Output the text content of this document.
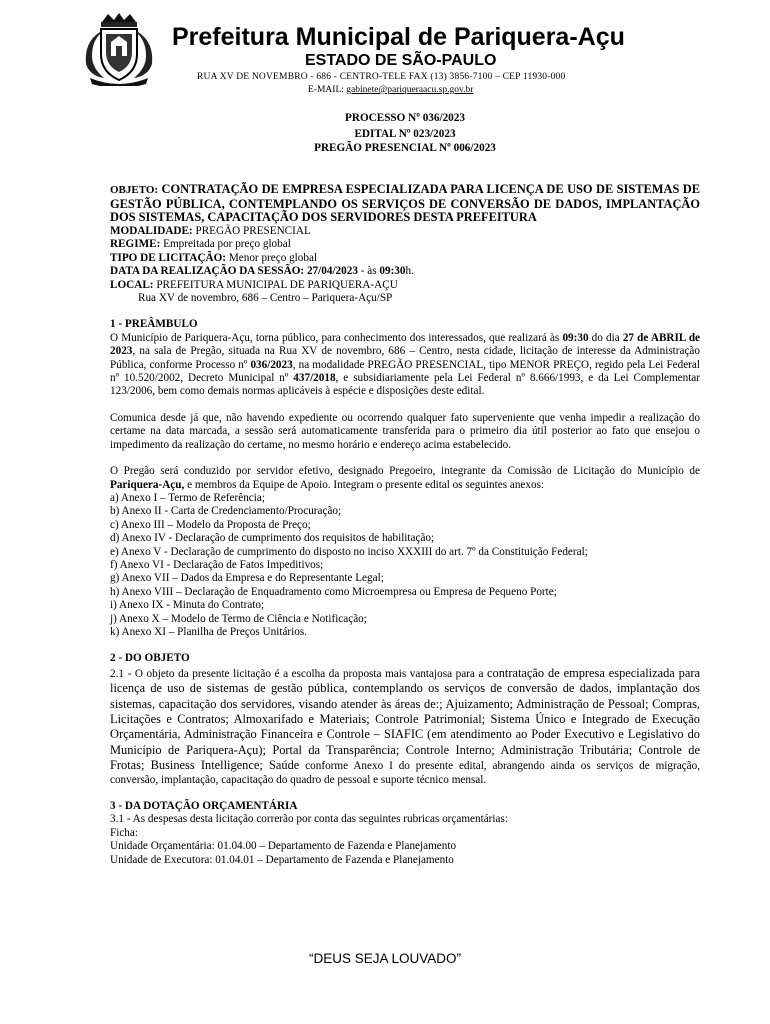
Prefeitura Municipal de Pariquera-Açu
ESTADO DE SÃO-PAULO
RUA XV DE NOVEMBRO - 686 - CENTRO-TELE FAX (13) 3856-7100 – CEP 11930-000
E-MAIL: gabinete@pariqueraacu.sp.gov.br
PROCESSO Nº 036/2023
EDITAL Nº 023/2023
PREGÃO PRESENCIAL Nº 006/2023
OBJETO: CONTRATAÇÃO DE EMPRESA ESPECIALIZADA PARA LICENÇA DE USO DE SISTEMAS DE GESTÃO PÚBLICA, CONTEMPLANDO OS SERVIÇOS DE CONVERSÃO DE DADOS, IMPLANTAÇÃO DOS SISTEMAS, CAPACITAÇÃO DOS SERVIDORES DESTA PREFEITURA
MODALIDADE: PREGÃO PRESENCIAL
REGIME: Empreitada por preço global
TIPO DE LICITAÇÃO: Menor preço global
DATA DA REALIZAÇÃO DA SESSÃO: 27/04/2023 - às 09:30h.
LOCAL: PREFEITURA MUNICIPAL DE PARIQUERA-AÇU
Rua XV de novembro, 686 – Centro – Pariquera-Açu/SP
1 - PREÂMBULO
O Município de Pariquera-Açu, torna público, para conhecimento dos interessados, que realizará às 09:30 do dia 27 de ABRIL de 2023, na sala de Pregão, situada na Rua XV de novembro, 686 – Centro, nesta cidade, licitação de interesse da Administração Pública, conforme Processo nº 036/2023, na modalidade PREGÃO PRESENCIAL, tipo MENOR PREÇO, regido pela Lei Federal nº 10.520/2002, Decreto Municipal nº 437/2018, e subsidiariamente pela Lei Federal nº 8.666/1993, e da Lei Complementar 123/2006, bem como demais normas aplicáveis à espécie e disposições deste edital.
Comunica desde já que, não havendo expediente ou ocorrendo qualquer fato superveniente que venha impedir a realização do certame na data marcada, a sessão será automaticamente transferida para o primeiro dia útil posterior ao fato que ensejou o impedimento da realização do certame, no mesmo horário e endereço acima estabelecido.
O Pregão será conduzido por servidor efetivo, designado Pregoeiro, integrante da Comissão de Licitação do Município de Pariquera-Açu, e membros da Equipe de Apoio. Integram o presente edital os seguintes anexos:
a) Anexo I – Termo de Referência;
b) Anexo II - Carta de Credenciamento/Procuração;
c) Anexo III – Modelo da Proposta de Preço;
d) Anexo IV - Declaração de cumprimento dos requisitos de habilitação;
e) Anexo V - Declaração de cumprimento do disposto no inciso XXXIII do art. 7º da Constituição Federal;
f) Anexo VI - Declaração de Fatos Impeditivos;
g) Anexo VII – Dados da Empresa e do Representante Legal;
h) Anexo VIII – Declaração de Enquadramento como Microempresa ou Empresa de Pequeno Porte;
i) Anexo IX - Minuta do Contrato;
j) Anexo X – Modelo de Termo de Ciência e Notificação;
k) Anexo XI – Planilha de Preços Unitários.
2 - DO OBJETO
2.1 - O objeto da presente licitação é a escolha da proposta mais vantajosa para a contratação de empresa especializada para licença de uso de sistemas de gestão pública, contemplando os serviços de conversão de dados, implantação dos sistemas, capacitação dos servidores, visando atender às áreas de:; Ajuizamento; Administração de Pessoal; Compras, Licitações e Contratos; Almoxarifado e Materiais; Controle Patrimonial; Sistema Único e Integrado de Execução Orçamentária, Administração Financeira e Controle – SIAFIC (em atendimento ao Poder Executivo e Legislativo do Município de Pariquera-Açu); Portal da Transparência; Controle Interno; Administração Tributária; Controle de Frotas; Business Intelligence; Saúde conforme Anexo I do presente edital, abrangendo ainda os serviços de migração, conversão, implantação, capacitação do quadro de pessoal e suporte técnico mensal.
3 - DA DOTAÇÃO ORÇAMENTÁRIA
3.1 - As despesas desta licitação correrão por conta das seguintes rubricas orçamentárias:
Ficha:
Unidade Orçamentária: 01.04.00 – Departamento de Fazenda e Planejamento
Unidade de Executora: 01.04.01 – Departamento de Fazenda e Planejamento
“DEUS SEJA LOUVADO”
